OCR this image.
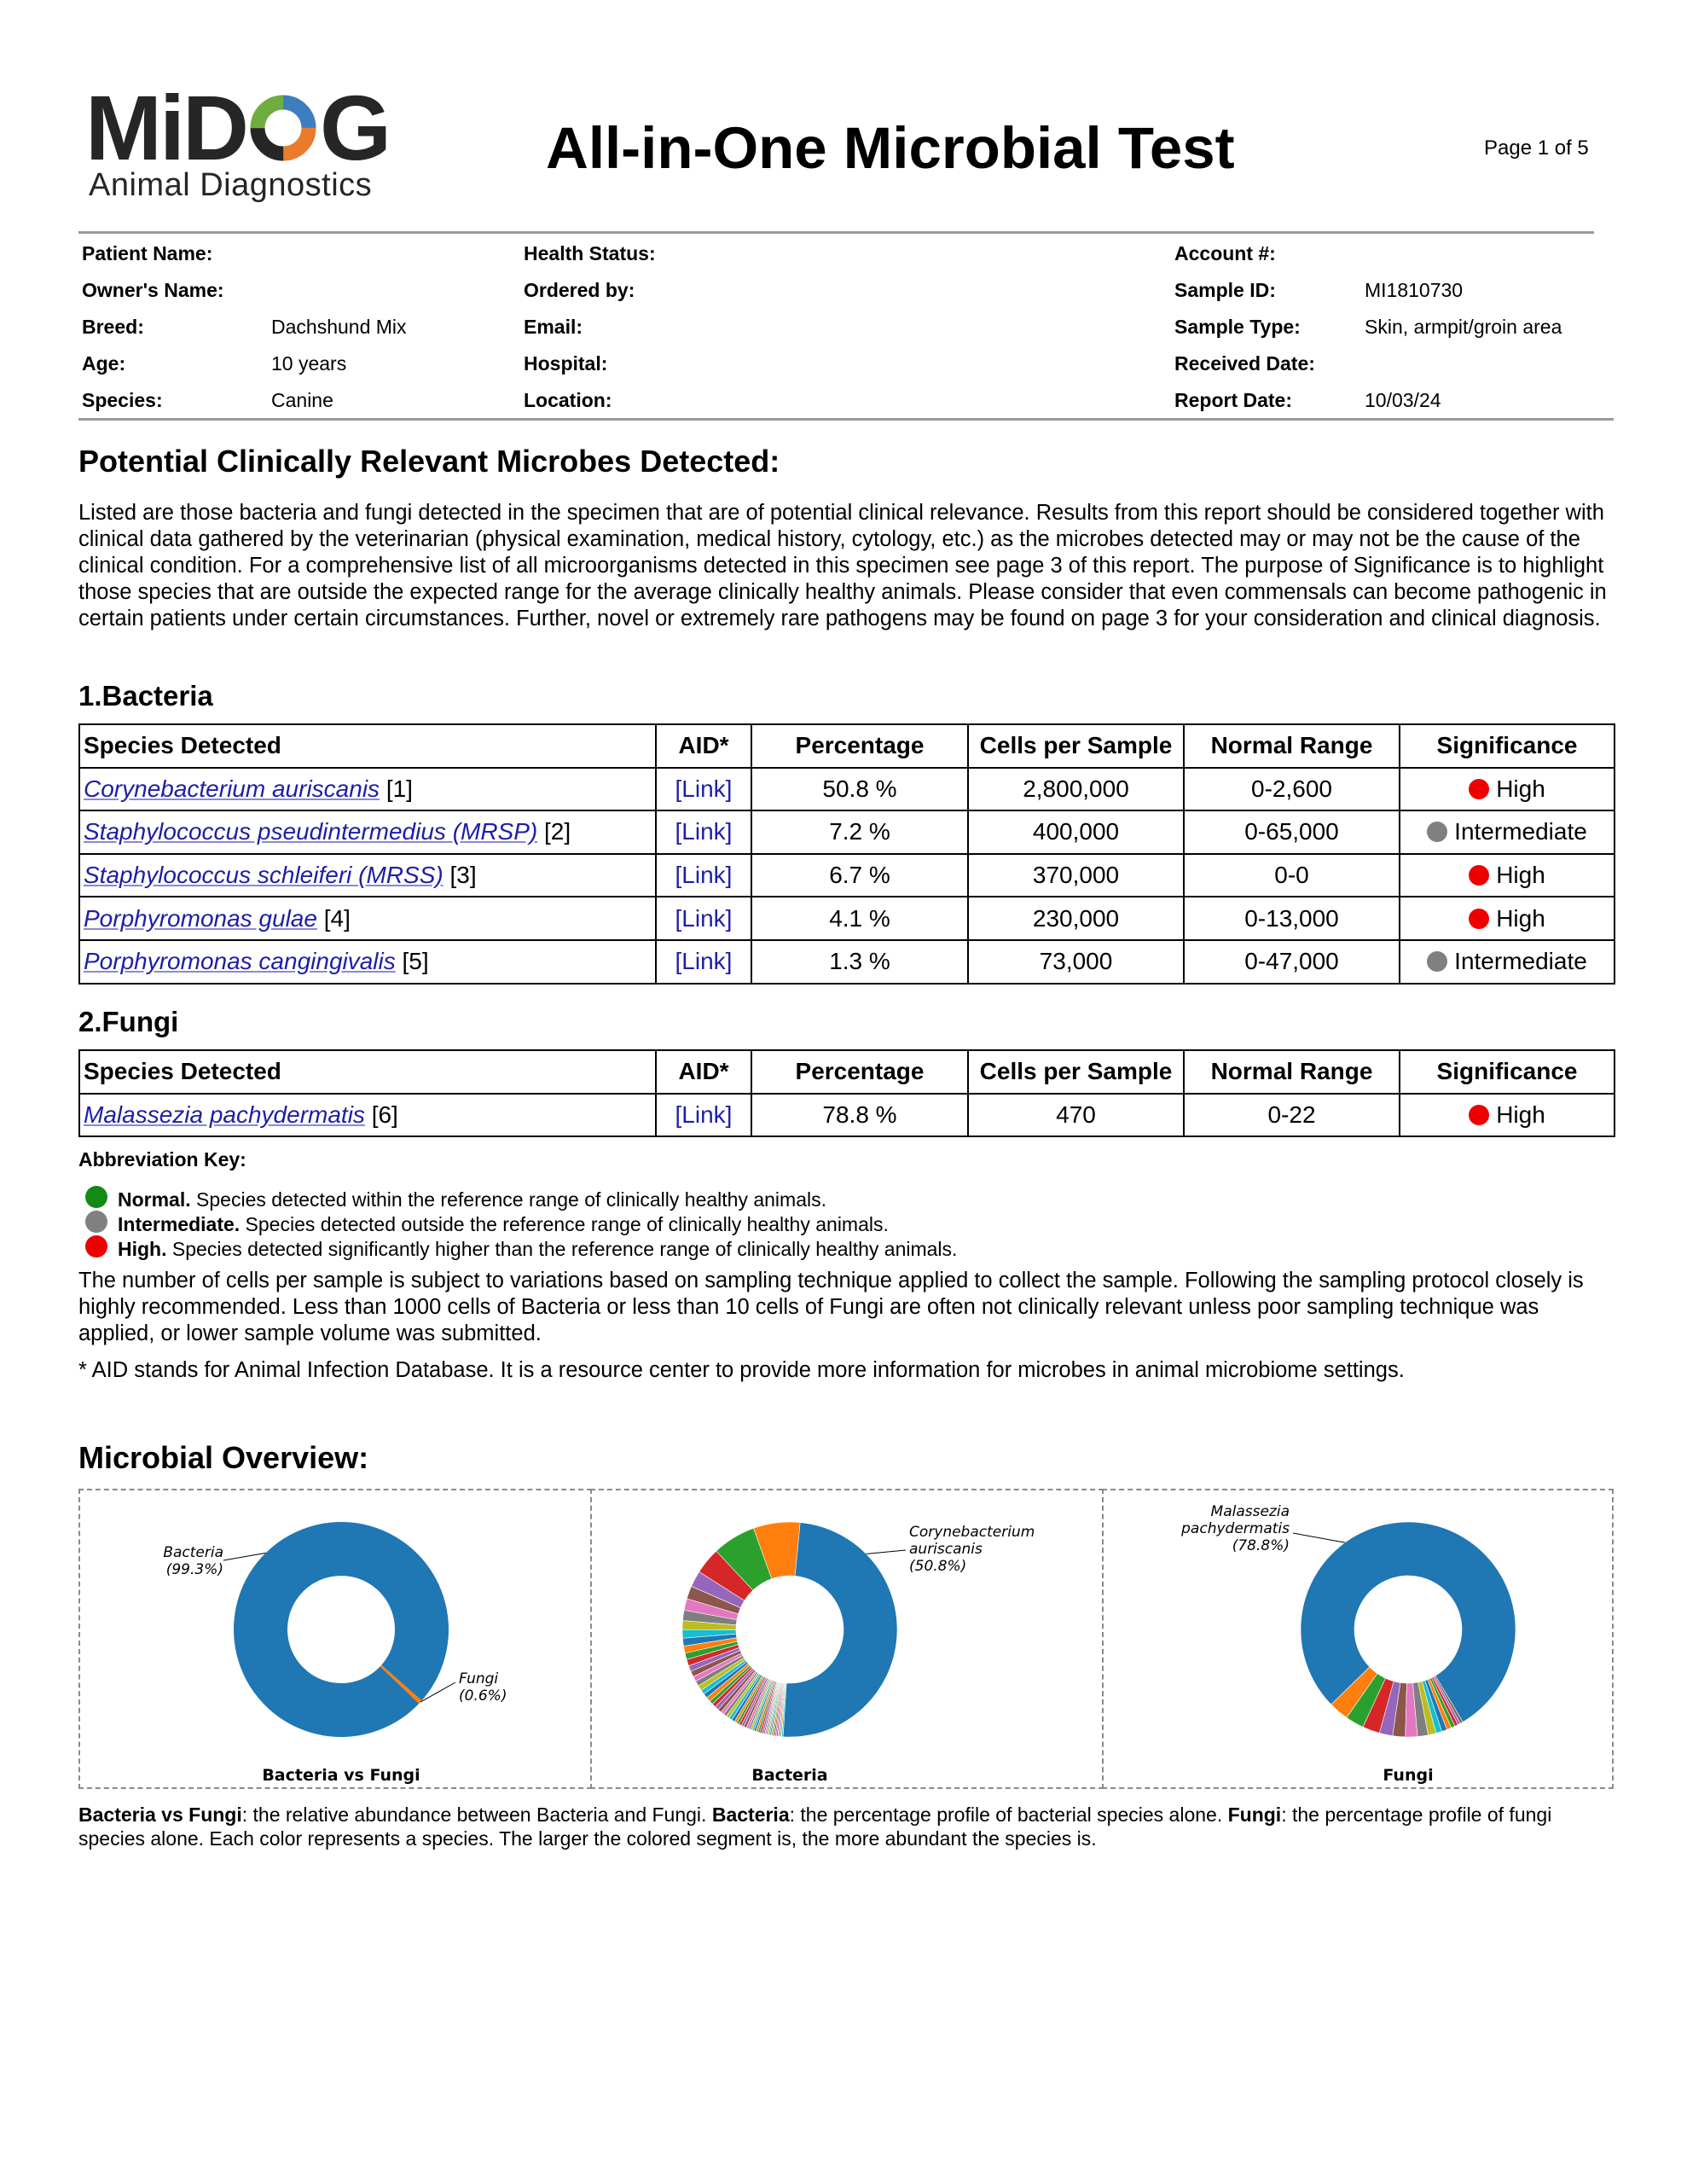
Mi D G
Animal Diagnostics
All-in-One Microbial Test	Page 1 of 5
Patient Name:
Owner's Name:
Breed:	Dachshund Mix
Age:	10 years
Species:	Canine
Health Status:
Ordered by:
Email:
Hospital:
Location:
Account #:
Sample ID:	MI1810730
Sample Type:	Skin, armpit/groin area
Received Date:
Report Date:	10/03/24
Potential Clinically Relevant Microbes Detected:
Listed are those bacteria and fungi detected in the specimen that are of potential clinical relevance. Results from this report should be considered together with clinical data gathered by the veterinarian (physical examination, medical history, cytology, etc.) as the microbes detected may or may not be the cause of the clinical condition. For a comprehensive list of all microorganisms detected in this specimen see page 3 of this report. The purpose of Significance is to highlight those species that are outside the expected range for the average clinically healthy animals. Please consider that even commensals can become pathogenic in certain patients under certain circumstances. Further, novel or extremely rare pathogens may be found on page 3 for your consideration and clinical diagnosis.
1.Bacteria
Species Detected	AID*	Percentage	Cells per Sample	Normal Range	Significance
Corynebacterium auriscanis [1]	[Link]	50.8 %	2,800,000	0-2,600	High
Staphylococcus pseudintermedius (MRSP) [2]	[Link]	7.2 %	400,000	0-65,000	Intermediate
Staphylococcus schleiferi (MRSS) [3]	[Link]	6.7 %	370,000	0-0	High
Porphyromonas gulae [4]	[Link]	4.1 %	230,000	0-13,000	High
Porphyromonas cangingivalis [5]	[Link]	1.3 %	73,000	0-47,000	Intermediate
2.Fungi
Species Detected	AID*	Percentage	Cells per Sample	Normal Range	Significance
Malassezia pachydermatis [6]	[Link]	78.8 %	470	0-22	High
Abbreviation Key:
Normal. Species detected within the reference range of clinically healthy animals.
Intermediate. Species detected outside the reference range of clinically healthy animals.
High. Species detected significantly higher than the reference range of clinically healthy animals.
The number of cells per sample is subject to variations based on sampling technique applied to collect the sample. Following the sampling protocol closely is highly recommended. Less than 1000 cells of Bacteria or less than 10 cells of Fungi are often not clinically relevant unless poor sampling technique was applied, or lower sample volume was submitted.
* AID stands for Animal Infection Database. It is a resource center to provide more information for microbes in animal microbiome settings.
Microbial Overview:
Bacteria vs Fungi
Bacteria
(99.3%)
Fungi
(0.6%)
Bacteria
Corynebacterium
auriscanis
(50.8%)
Fungi
Malassezia
pachydermatis
(78.8%)
Bacteria vs Fungi: the relative abundance between Bacteria and Fungi. Bacteria: the percentage profile of bacterial species alone. Fungi: the percentage profile of fungi species alone. Each color represents a species. The larger the colored segment is, the more abundant the species is.
